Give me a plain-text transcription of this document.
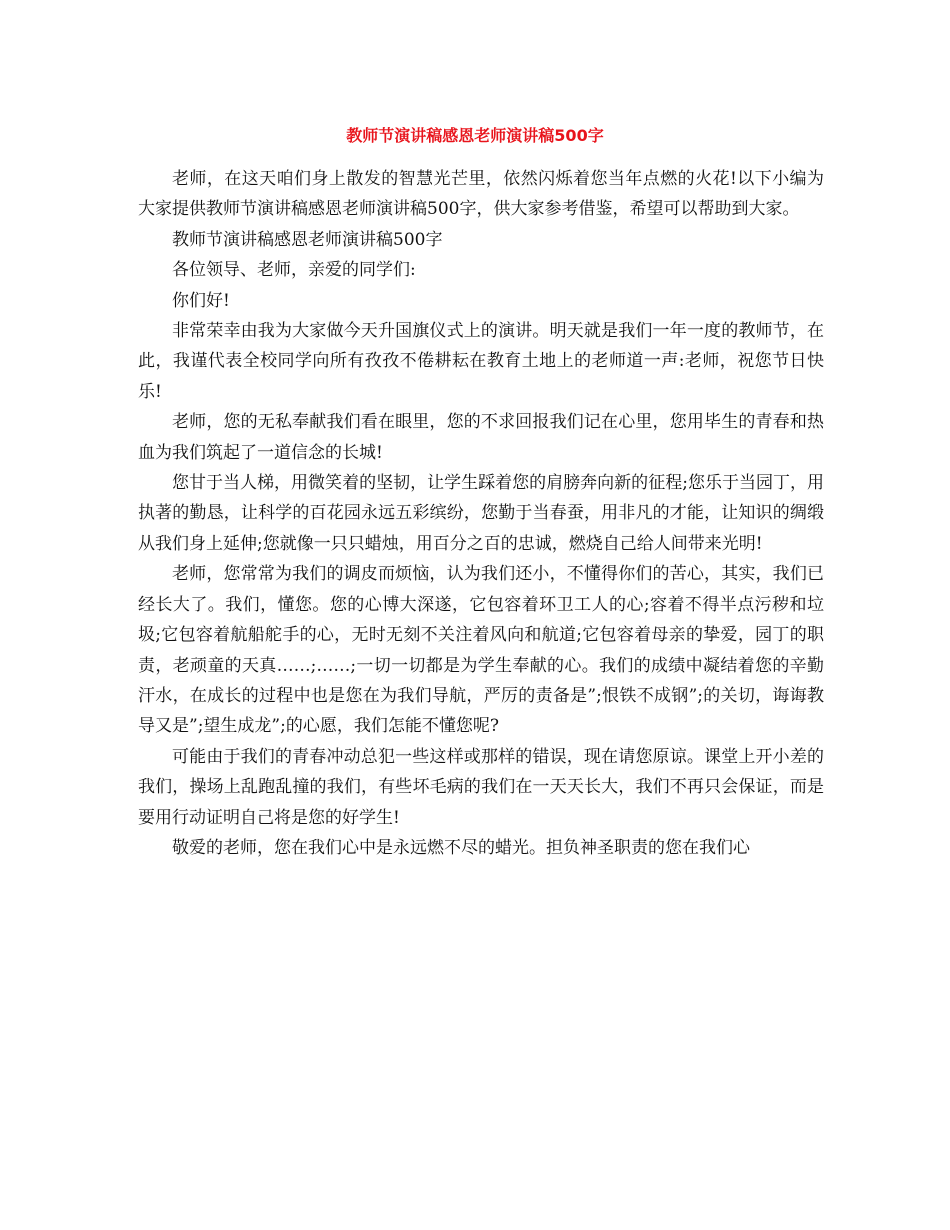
教师节演讲稿感恩老师演讲稿500字

老师，在这天咱们身上散发的智慧光芒里，依然闪烁着您当年点燃的火花!以下小编为大家提供教师节演讲稿感恩老师演讲稿500字，供大家参考借鉴，希望可以帮助到大家。

教师节演讲稿感恩老师演讲稿500字

各位领导、老师，亲爱的同学们:

你们好!

非常荣幸由我为大家做今天升国旗仪式上的演讲。明天就是我们一年一度的教师节，在此，我谨代表全校同学向所有孜孜不倦耕耘在教育土地上的老师道一声:老师，祝您节日快乐!

老师，您的无私奉献我们看在眼里，您的不求回报我们记在心里，您用毕生的青春和热血为我们筑起了一道信念的长城!

您甘于当人梯，用微笑着的坚韧，让学生踩着您的肩膀奔向新的征程;您乐于当园丁，用执著的勤恳，让科学的百花园永远五彩缤纷，您勤于当春蚕，用非凡的才能，让知识的绸缎从我们身上延伸;您就像一只只蜡烛，用百分之百的忠诚，燃烧自己给人间带来光明!

老师，您常常为我们的调皮而烦恼，认为我们还小，不懂得你们的苦心，其实，我们已经长大了。我们，懂您。您的心博大深遂，它包容着环卫工人的心;容着不得半点污秽和垃圾;它包容着航船舵手的心，无时无刻不关注着风向和航道;它包容着母亲的挚爱，园丁的职责，老顽童的天真……;……;一切一切都是为学生奉献的心。我们的成绩中凝结着您的辛勤汗水，在成长的过程中也是您在为我们导航，严厉的责备是”;恨铁不成钢”;的关切，诲诲教导又是”;望生成龙”;的心愿，我们怎能不懂您呢?

可能由于我们的青春冲动总犯一些这样或那样的错误，现在请您原谅。课堂上开小差的我们，操场上乱跑乱撞的我们，有些坏毛病的我们在一天天长大，我们不再只会保证，而是要用行动证明自己将是您的好学生!

敬爱的老师，您在我们心中是永远燃不尽的蜡光。担负神圣职责的您在我们心
